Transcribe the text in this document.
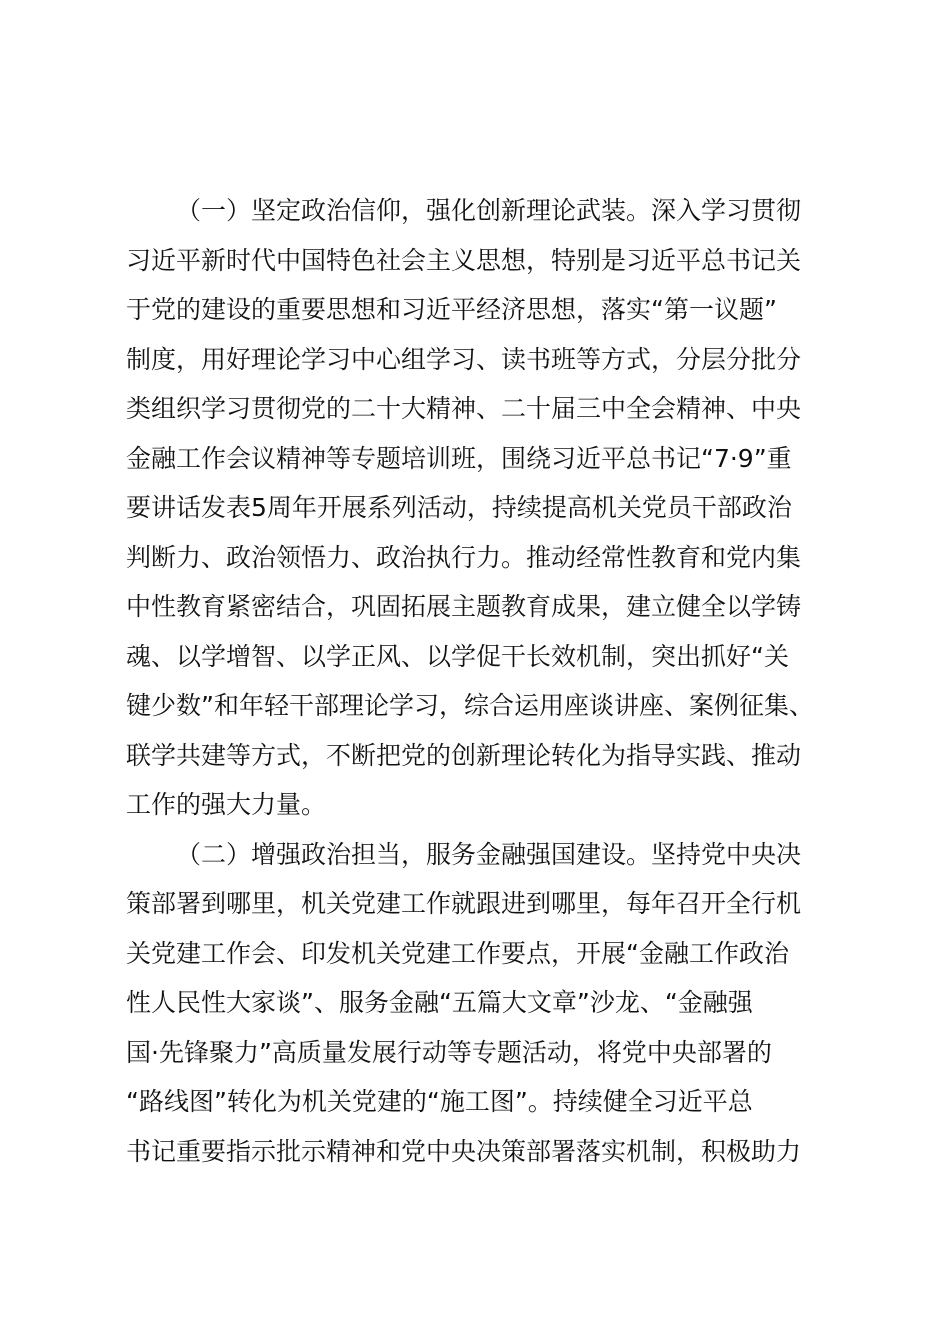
（一）坚定政治信仰，强化创新理论武装。深入学习贯彻
习近平新时代中国特色社会主义思想，特别是习近平总书记关
于党的建设的重要思想和习近平经济思想，落实“第一议题”
制度，用好理论学习中心组学习、读书班等方式，分层分批分
类组织学习贯彻党的二十大精神、二十届三中全会精神、中央
金融工作会议精神等专题培训班，围绕习近平总书记“7·9”重
要讲话发表5周年开展系列活动，持续提高机关党员干部政治
判断力、政治领悟力、政治执行力。推动经常性教育和党内集
中性教育紧密结合，巩固拓展主题教育成果，建立健全以学铸
魂、以学增智、以学正风、以学促干长效机制，突出抓好“关
键少数”和年轻干部理论学习，综合运用座谈讲座、案例征集、
联学共建等方式，不断把党的创新理论转化为指导实践、推动
工作的强大力量。
（二）增强政治担当，服务金融强国建设。坚持党中央决
策部署到哪里，机关党建工作就跟进到哪里，每年召开全行机
关党建工作会、印发机关党建工作要点，开展“金融工作政治
性人民性大家谈”、服务金融“五篇大文章”沙龙、“金融强
国·先锋聚力”高质量发展行动等专题活动，将党中央部署的
“路线图”转化为机关党建的“施工图”。持续健全习近平总
书记重要指示批示精神和党中央决策部署落实机制，积极助力
